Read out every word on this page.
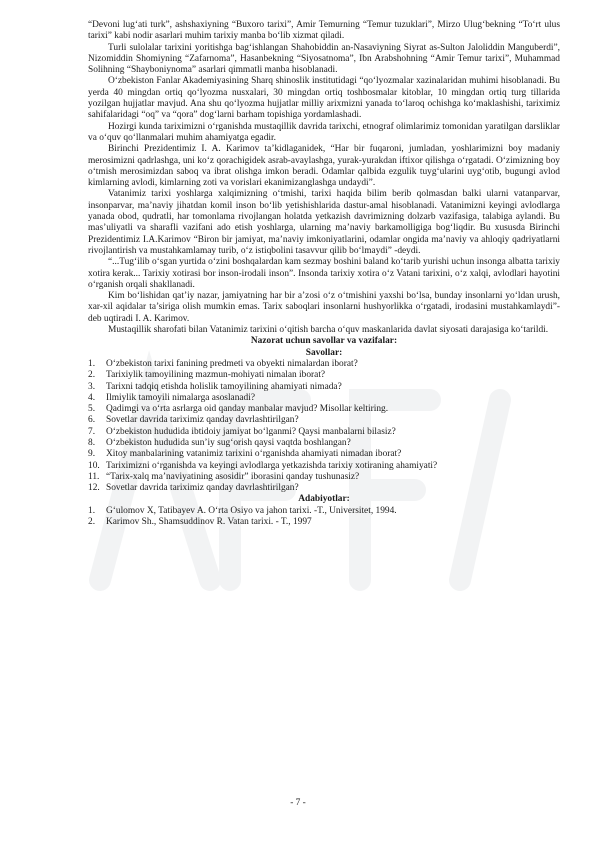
“Devoni lug‘ati turk”, ashshaxiyning “Buxoro tarixi”, Amir Temurning “Temur tuzuklari”, Mirzo Ulug‘bekning “To‘rt ulus tarixi” kabi nodir asarlari muhim tarixiy manba bo‘lib xizmat qiladi.

Turli sulolalar tarixini yoritishga bag‘ishlangan Shahobiddin an-Nasaviyning Siyrat as-Sulton Jaloliddin Manguberdi”, Nizomiddin Shomiyning “Zafarnoma”, Hasanbekning “Siyosatnoma”, Ibn Arabshohning “Amir Temur tarixi”, Muhammad Solihning “Shayboniynoma” asarlari qimmatli manba hisoblanadi.

O‘zbekiston Fanlar Akademiyasining Sharq shinoslik institutidagi “qo‘lyozmalar xazinalaridan muhimi hisoblanadi. Bu yerda 40 mingdan ortiq qo‘lyozma nusxalari, 30 mingdan ortiq toshbosmalar kitoblar, 10 mingdan ortiq turg tillarida yozilgan hujjatlar mavjud. Ana shu qo‘lyozma hujjatlar milliy arixmizni yanada to‘laroq ochishga ko‘maklashishi, tariximiz sahifalaridagi “oq” va “qora” dog‘larni barham topishiga yordamlashadi.

Hozirgi kunda tariximizni o‘rganishda mustaqillik davrida tarixchi, etnograf olimlarimiz tomonidan yaratilgan darsliklar va o‘quv qo‘llanmalari muhim ahamiyatga egadir.

Birinchi Prezidentimiz I. A. Karimov ta’kidlaganidek, “Har bir fuqaroni, jumladan, yoshlarimizni boy madaniy merosimizni qadrlashga, uni ko‘z qorachigidek asrab-avaylashga, yurak-yurakdan iftixor qilishga o‘rgatadi. O‘zimizning boy o‘tmish merosimizdan saboq va ibrat olishga imkon beradi. Odamlar qalbida ezgulik tuyg‘ularini uyg‘otib, bugungi avlod kimlarning avlodi, kimlarning zoti va vorislari ekanimizanglashga undaydi”.

Vatanimiz tarixi yoshlarga xalqimizning o‘tmishi, tarixi haqida bilim berib qolmasdan balki ularni vatanparvar, insonparvar, ma’naviy jihatdan komil inson bo‘lib yetishishlarida dastur-amal hisoblanadi. Vatanimizni keyingi avlodlarga yanada obod, qudratli, har tomonlama rivojlangan holatda yetkazish davrimizning dolzarb vazifasiga, talabiga aylandi. Bu mas’uliyatli va sharafli vazifani ado etish yoshlarga, ularning ma’naviy barkamolligiga bog‘liqdir. Bu xususda Birinchi Prezidentimiz I.A.Karimov “Biron bir jamiyat, ma’naviy imkoniyatlarini, odamlar ongida ma’naviy va ahloqiy qadriyatlarni rivojlantirish va mustahkamlamay turib, o‘z istiqbolini tasavvur qilib bo‘lmaydi” -deydi.

“...Tug‘ilib o‘sgan yurtida o‘zini boshqalardan kam sezmay boshini baland ko‘tarib yurishi uchun insonga albatta tarixiy xotira kerak... Tarixiy xotirasi bor inson-irodali inson”. Insonda tarixiy xotira o‘z Vatani tarixini, o‘z xalqi, avlodlari hayotini o‘rganish orqali shakllanadi.

Kim bo‘lishidan qat’iy nazar, jamiyatning har bir a’zosi o‘z o‘tmishini yaxshi bo‘lsa, bunday insonlarni yo‘ldan urush, xar-xil aqidalar ta’siriga olish mumkin emas. Tarix saboqlari insonlarni hushyorlikka o‘rgatadi, irodasini mustahkamlaydi”-deb uqtiradi I. A. Karimov.

Mustaqillik sharofati bilan Vatanimiz tarixini o‘qitish barcha o‘quv maskanlarida davlat siyosati darajasiga ko‘tarildi.

Nazorat uchun savollar va vazifalar:

Savollar:

1.	O‘zbekiston tarixi fanining predmeti va obyekti nimalardan iborat?
2.	Tarixiylik tamoyilining mazmun-mohiyati nimalan iborat?
3.	Tarixni tadqiq etishda holislik tamoyilining ahamiyati nimada?
4.	Ilmiylik tamoyili nimalarga asoslanadi?
5.	Qadimgi va o‘rta asrlarga oid qanday manbalar mavjud? Misollar keltiring.
6.	Sovetlar davrida tariximiz qanday davrlashtirilgan?
7.	O‘zbekiston hududida ibtidoiy jamiyat bo‘lganmi? Qaysi manbalarni bilasiz?
8.	O‘zbekiston hududida sun’iy sug‘orish qaysi vaqtda boshlangan?
9.	Xitoy manbalarining vatanimiz tarixini o‘rganishda ahamiyati nimadan iborat?
10. Tariximizni o‘rganishda va keyingi avlodlarga yetkazishda tarixiy xotiraning ahamiyati?
11. “Tarix-xalq ma’naviyatining asosidir” iborasini qanday tushunasiz?
12. Sovetlar davrida tariximiz qanday davrlashtirilgan?

Adabiyotlar:

1.	G‘ulomov X, Tatibayev A. O‘rta Osiyo va jahon tarixi. -T., Universitet, 1994.
2.	Karimov Sh., Shamsuddinov R. Vatan tarixi. - T., 1997
- 7 -
